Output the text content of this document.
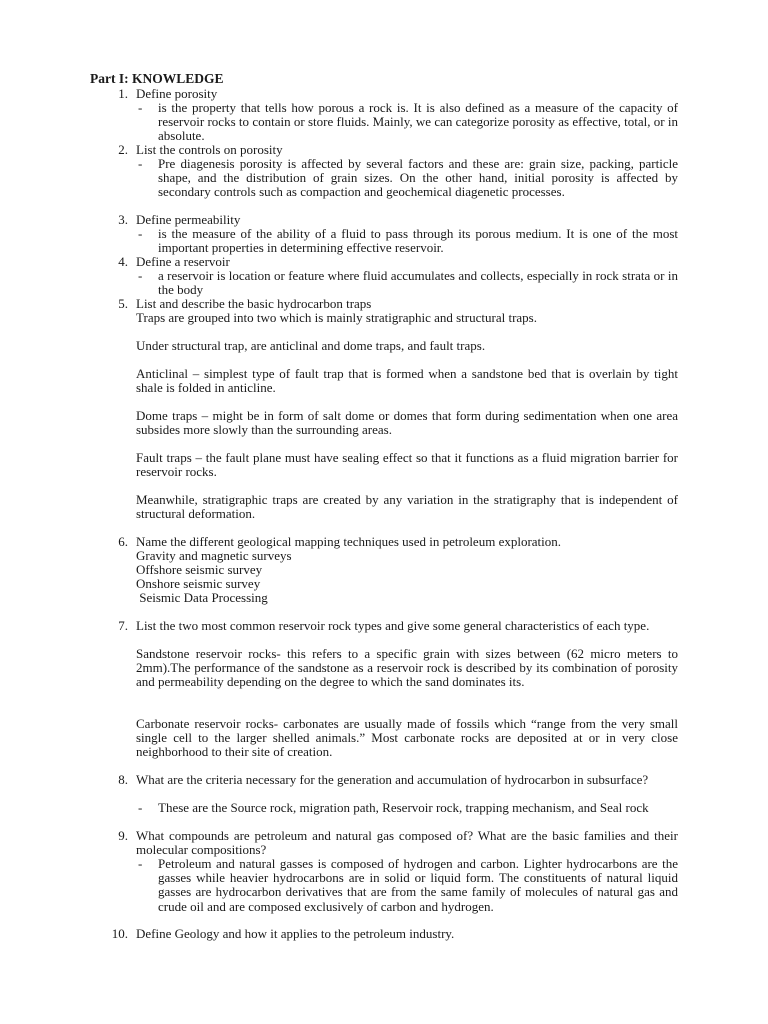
Part I: KNOWLEDGE
1. Define porosity
- is the property that tells how porous a rock is. It is also defined as a measure of the capacity of reservoir rocks to contain or store fluids. Mainly, we can categorize porosity as effective, total, or in absolute.
2. List the controls on porosity
- Pre diagenesis porosity is affected by several factors and these are: grain size, packing, particle shape, and the distribution of grain sizes. On the other hand, initial porosity is affected by secondary controls such as compaction and geochemical diagenetic processes.
3. Define permeability
- is the measure of the ability of a fluid to pass through its porous medium. It is one of the most important properties in determining effective reservoir.
4. Define a reservoir
- a reservoir is location or feature where fluid accumulates and collects, especially in rock strata or in the body
5. List and describe the basic hydrocarbon traps
Traps are grouped into two which is mainly stratigraphic and structural traps.
Under structural trap, are anticlinal and dome traps, and fault traps.
Anticlinal – simplest type of fault trap that is formed when a sandstone bed that is overlain by tight shale is folded in anticline.
Dome traps – might be in form of salt dome or domes that form during sedimentation when one area subsides more slowly than the surrounding areas.
Fault traps – the fault plane must have sealing effect so that it functions as a fluid migration barrier for reservoir rocks.
Meanwhile, stratigraphic traps are created by any variation in the stratigraphy that is independent of structural deformation.
6. Name the different geological mapping techniques used in petroleum exploration.
Gravity and magnetic surveys
Offshore seismic survey
Onshore seismic survey
Seismic Data Processing
7. List the two most common reservoir rock types and give some general characteristics of each type.
Sandstone reservoir rocks- this refers to a specific grain with sizes between (62 micro meters to 2mm).The performance of the sandstone as a reservoir rock is described by its combination of porosity and permeability depending on the degree to which the sand dominates its.
Carbonate reservoir rocks- carbonates are usually made of fossils which “range from the very small single cell to the larger shelled animals.” Most carbonate rocks are deposited at or in very close neighborhood to their site of creation.
8. What are the criteria necessary for the generation and accumulation of hydrocarbon in subsurface?
- These are the Source rock, migration path, Reservoir rock, trapping mechanism, and Seal rock
9. What compounds are petroleum and natural gas composed of? What are the basic families and their molecular compositions?
- Petroleum and natural gasses is composed of hydrogen and carbon. Lighter hydrocarbons are the gasses while heavier hydrocarbons are in solid or liquid form. The constituents of natural liquid gasses are hydrocarbon derivatives that are from the same family of molecules of natural gas and crude oil and are composed exclusively of carbon and hydrogen.
10. Define Geology and how it applies to the petroleum industry.
